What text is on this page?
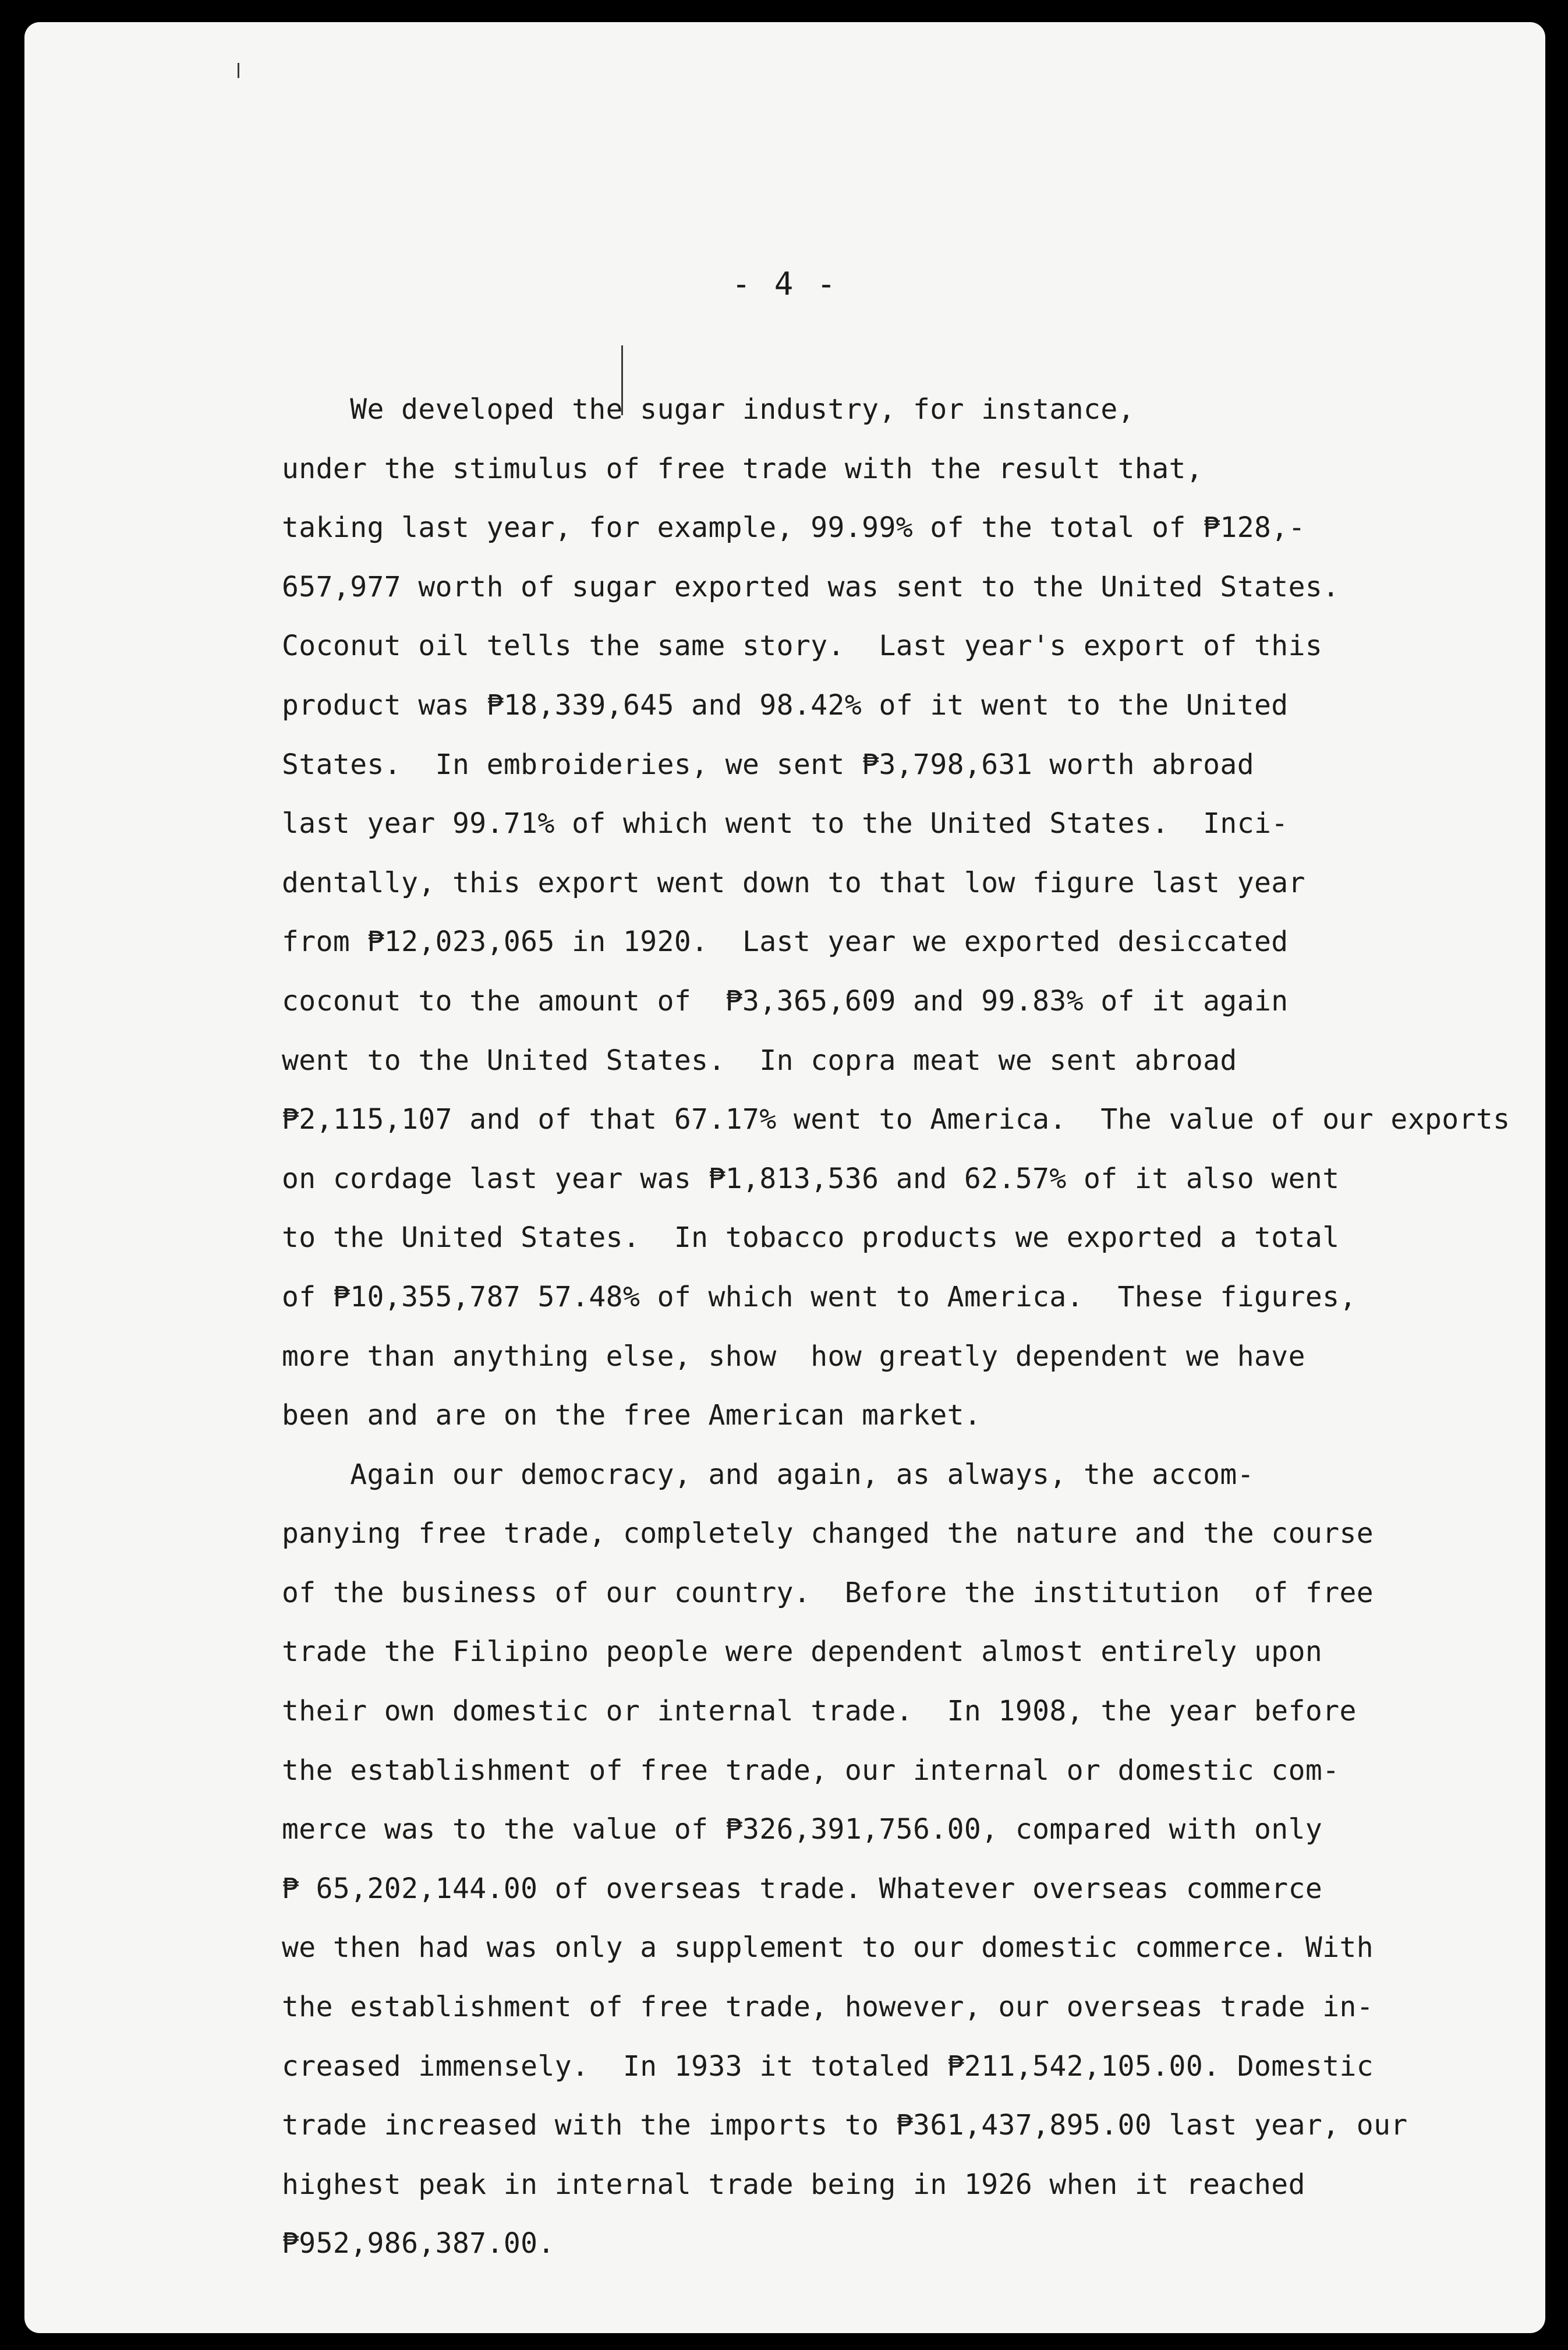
- 4 -
We developed the sugar industry, for instance,
under the stimulus of free trade with the result that,
taking last year, for example, 99.99% of the total of ₱128,-
657,977 worth of sugar exported was sent to the United States.
Coconut oil tells the same story.  Last year's export of this
product was ₱18,339,645 and 98.42% of it went to the United
States.  In embroideries, we sent ₱3,798,631 worth abroad
last year 99.71% of which went to the United States.  Inci-
dentally, this export went down to that low figure last year
from ₱12,023,065 in 1920.  Last year we exported desiccated
coconut to the amount of  ₱3,365,609 and 99.83% of it again
went to the United States.  In copra meat we sent abroad
₱2,115,107 and of that 67.17% went to America.  The value of our exports
on cordage last year was ₱1,813,536 and 62.57% of it also went
to the United States.  In tobacco products we exported a total
of ₱10,355,787 57.48% of which went to America.  These figures,
more than anything else, show  how greatly dependent we have
been and are on the free American market.
Again our democracy, and again, as always, the accom-
panying free trade, completely changed the nature and the course
of the business of our country.  Before the institution  of free
trade the Filipino people were dependent almost entirely upon
their own domestic or internal trade.  In 1908, the year before
the establishment of free trade, our internal or domestic com-
merce was to the value of ₱326,391,756.00, compared with only
₱ 65,202,144.00 of overseas trade. Whatever overseas commerce
we then had was only a supplement to our domestic commerce. With
the establishment of free trade, however, our overseas trade in-
creased immensely.  In 1933 it totaled ₱211,542,105.00. Domestic
trade increased with the imports to ₱361,437,895.00 last year, our
highest peak in internal trade being in 1926 when it reached
₱952,986,387.00.
